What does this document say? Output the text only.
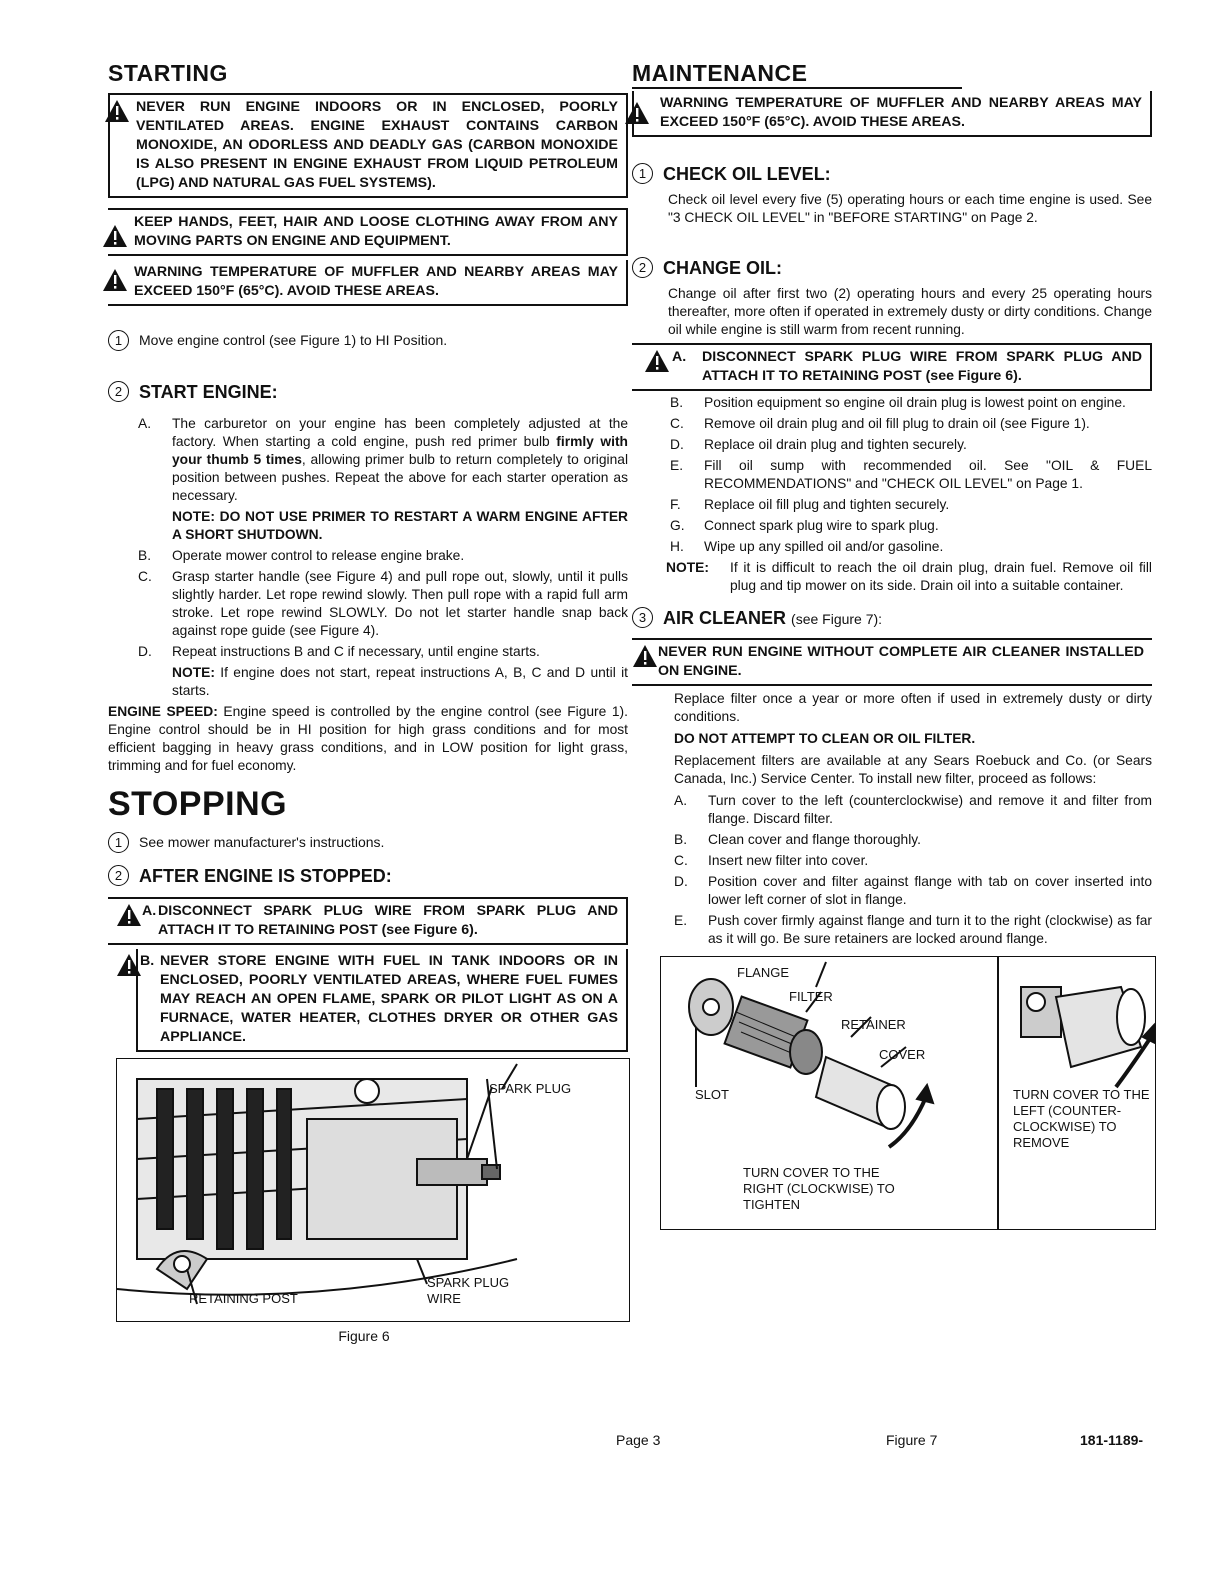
STARTING
NEVER RUN ENGINE INDOORS OR IN ENCLOSED, POORLY VENTILATED AREAS. ENGINE EXHAUST CONTAINS CARBON MONOXIDE, AN ODORLESS AND DEADLY GAS (CARBON MONOXIDE IS ALSO PRESENT IN ENGINE EXHAUST FROM LIQUID PETROLEUM (LPG) AND NATURAL GAS FUEL SYSTEMS).
KEEP HANDS, FEET, HAIR AND LOOSE CLOTHING AWAY FROM ANY MOVING PARTS ON ENGINE AND EQUIPMENT.
WARNING TEMPERATURE OF MUFFLER AND NEARBY AREAS MAY EXCEED 150°F (65°C). AVOID THESE AREAS.
1	Move engine control (see Figure 1) to HI Position.
2 START ENGINE:
A.	The carburetor on your engine has been completely adjusted at the factory. When starting a cold engine, push red primer bulb firmly with your thumb 5 times, allowing primer bulb to return completely to original position between pushes. Repeat the above for each starter operation as necessary.
NOTE: DO NOT USE PRIMER TO RESTART A WARM ENGINE AFTER A SHORT SHUTDOWN.
B.	Operate mower control to release engine brake.
C.	Grasp starter handle (see Figure 4) and pull rope out, slowly, until it pulls slightly harder. Let rope rewind slowly. Then pull rope with a rapid full arm stroke. Let rope rewind SLOWLY. Do not let starter handle snap back against rope guide (see Figure 4).
D.	Repeat instructions B and C if necessary, until engine starts.
NOTE: If engine does not start, repeat instructions A, B, C and D until it starts.

ENGINE SPEED: Engine speed is controlled by the engine control (see Figure 1). Engine control should be in HI position for high grass conditions and for most efficient bagging in heavy grass conditions, and in LOW position for light grass, trimming and for fuel economy.

STOPPING
1	See mower manufacturer's instructions.
2 AFTER ENGINE IS STOPPED:
A. DISCONNECT SPARK PLUG WIRE FROM SPARK PLUG AND ATTACH IT TO RETAINING POST (see Figure 6).
B. NEVER STORE ENGINE WITH FUEL IN TANK INDOORS OR IN ENCLOSED, POORLY VENTILATED AREAS, WHERE FUEL FUMES MAY REACH AN OPEN FLAME, SPARK OR PILOT LIGHT AS ON A FURNACE, WATER HEATER, CLOTHES DRYER OR OTHER GAS APPLIANCE.
SPARK PLUG
SPARK PLUG
WIRE
RETAINING POST
Figure 6
MAINTENANCE
WARNING TEMPERATURE OF MUFFLER AND NEARBY AREAS MAY EXCEED 150°F (65°C). AVOID THESE AREAS.
1 CHECK OIL LEVEL:

Check oil level every five (5) operating hours or each time engine is used. See "3 CHECK OIL LEVEL" in "BEFORE STARTING" on Page 2.

2 CHANGE OIL:

Change oil after first two (2) operating hours and every 25 operating hours thereafter, more often if operated in extremely dusty or dirty conditions. Change oil while engine is still warm from recent running.

A. DISCONNECT SPARK PLUG WIRE FROM SPARK PLUG AND ATTACH IT TO RETAINING POST (see Figure 6).
B.	Position equipment so engine oil drain plug is lowest point on engine.
C.	Remove oil drain plug and oil fill plug to drain oil (see Figure 1).
D.	Replace oil drain plug and tighten securely.
E.	Fill oil sump with recommended oil. See "OIL & FUEL RECOMMENDATIONS" and "CHECK OIL LEVEL" on Page 1.
F.	Replace oil fill plug and tighten securely.
G.	Connect spark plug wire to spark plug.
H.	Wipe up any spilled oil and/or gasoline.
NOTE:	If it is difficult to reach the oil drain plug, drain fuel. Remove oil fill plug and tip mower on its side. Drain oil into a suitable container.
3 AIR CLEANER (see Figure 7):
NEVER RUN ENGINE WITHOUT COMPLETE AIR CLEANER INSTALLED ON ENGINE.

Replace filter once a year or more often if used in extremely dusty or dirty conditions.

DO NOT ATTEMPT TO CLEAN OR OIL FILTER.

Replacement filters are available at any Sears Roebuck and Co. (or Sears Canada, Inc.) Service Center. To install new filter, proceed as follows:

A.	Turn cover to the left (counterclockwise) and remove it and filter from flange. Discard filter.
B.	Clean cover and flange thoroughly.
C.	Insert new filter into cover.
D.	Position cover and filter against flange with tab on cover inserted into lower left corner of slot in flange.
E.	Push cover firmly against flange and turn it to the right (clockwise) as far as it will go. Be sure retainers are locked around flange.
FLANGE
FILTER
RETAINER
COVER
SLOT
TURN COVER TO THE
RIGHT (CLOCKWISE) TO
TIGHTEN
TURN COVER TO THE
LEFT (COUNTER-
CLOCKWISE) TO
REMOVE
Page 3	Figure 7	181-1189-
